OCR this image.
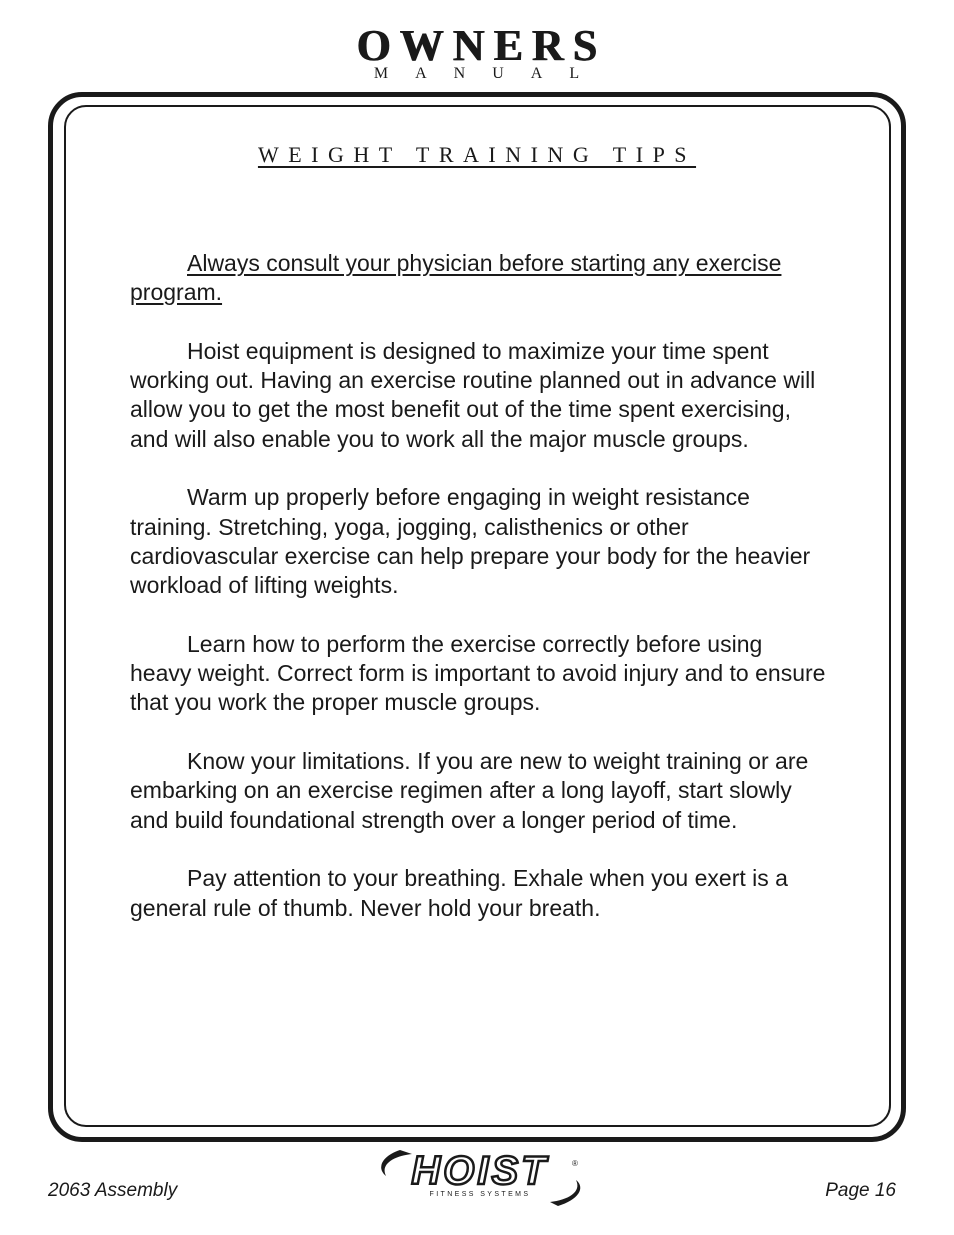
OWNERS
MANUAL
WEIGHT TRAINING TIPS

Always consult your physician before starting any exercise program.

Hoist equipment is designed to maximize your time spent working out. Having an exercise routine planned out in advance will allow you to get the most benefit out of the time spent exercising, and will also enable you to work all the major muscle groups.

Warm up properly before engaging in weight resistance training. Stretching, yoga, jogging, calisthenics or other cardiovascular exercise can help prepare your body for the heavier workload of lifting weights.

Learn how to perform the exercise correctly before using heavy weight. Correct form is important to avoid injury and to ensure that you work the proper muscle groups.

Know your limitations. If you are new to weight training or are embarking on an exercise regimen after a long layoff, start slowly and build foundational strength over a longer period of time.

Pay attention to your breathing. Exhale when you exert is a general rule of thumb. Never hold your breath.

2063 Assembly	Page 16
HOIST	®
FITNESS SYSTEMS
